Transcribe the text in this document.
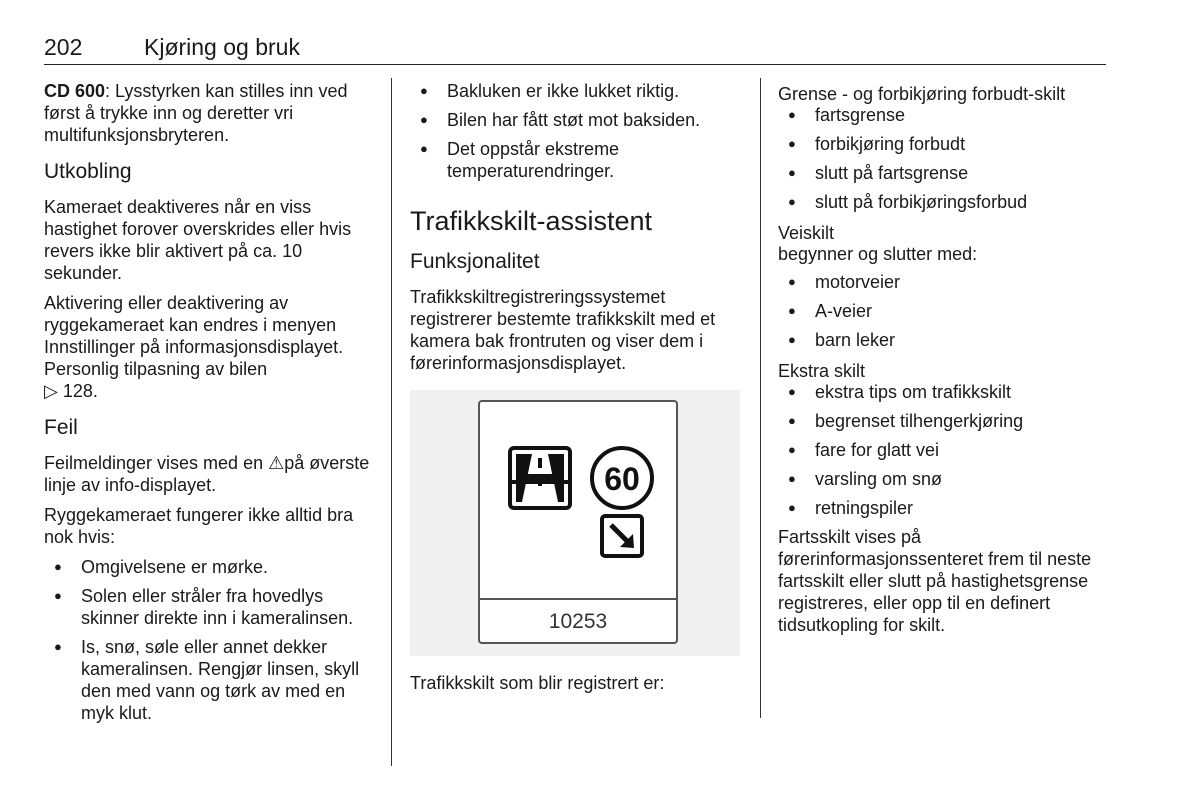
202	Kjøring og bruk

CD 600: Lysstyrken kan stilles inn ved først å trykke inn og deretter vri multifunksjonsbryteren.

Utkobling

Kameraet deaktiveres når en viss hastighet forover overskrides eller hvis revers ikke blir aktivert på ca. 10 sekunder.

Aktivering eller deaktivering av ryggekameraet kan endres i menyen Innstillinger på informasjonsdisplayet. Personlig tilpasning av bilen
▷ 128.

Feil

Feilmeldinger vises med en ⚠på øverste linje av info-displayet.

Ryggekameraet fungerer ikke alltid bra nok hvis:

● Omgivelsene er mørke.
● Solen eller stråler fra hovedlys skinner direkte inn i kameralinsen.
● Is, snø, søle eller annet dekker kameralinsen. Rengjør linsen, skyll den med vann og tørk av med en myk klut.
● Bakluken er ikke lukket riktig.
● Bilen har fått støt mot baksiden.
● Det oppstår ekstreme temperaturendringer.
Trafikkskilt-assistent
Funksjonalitet

Trafikkskiltregistreringssystemet registrerer bestemte trafikkskilt med et kamera bak frontruten og viser dem i førerinformasjonsdisplayet.

60
10253

Trafikkskilt som blir registrert er:

Grense - og forbikjøring forbudt-skilt
● fartsgrense
● forbikjøring forbudt
● slutt på fartsgrense
● slutt på forbikjøringsforbud
Veiskilt

begynner og slutter med:

● motorveier
● A-veier
● barn leker
Ekstra skilt
● ekstra tips om trafikkskilt
● begrenset tilhengerkjøring
● fare for glatt vei
● varsling om snø
● retningspiler

Fartsskilt vises på førerinformasjonssenteret frem til neste fartsskilt eller slutt på hastighetsgrense registreres, eller opp til en definert tidsutkopling for skilt.
